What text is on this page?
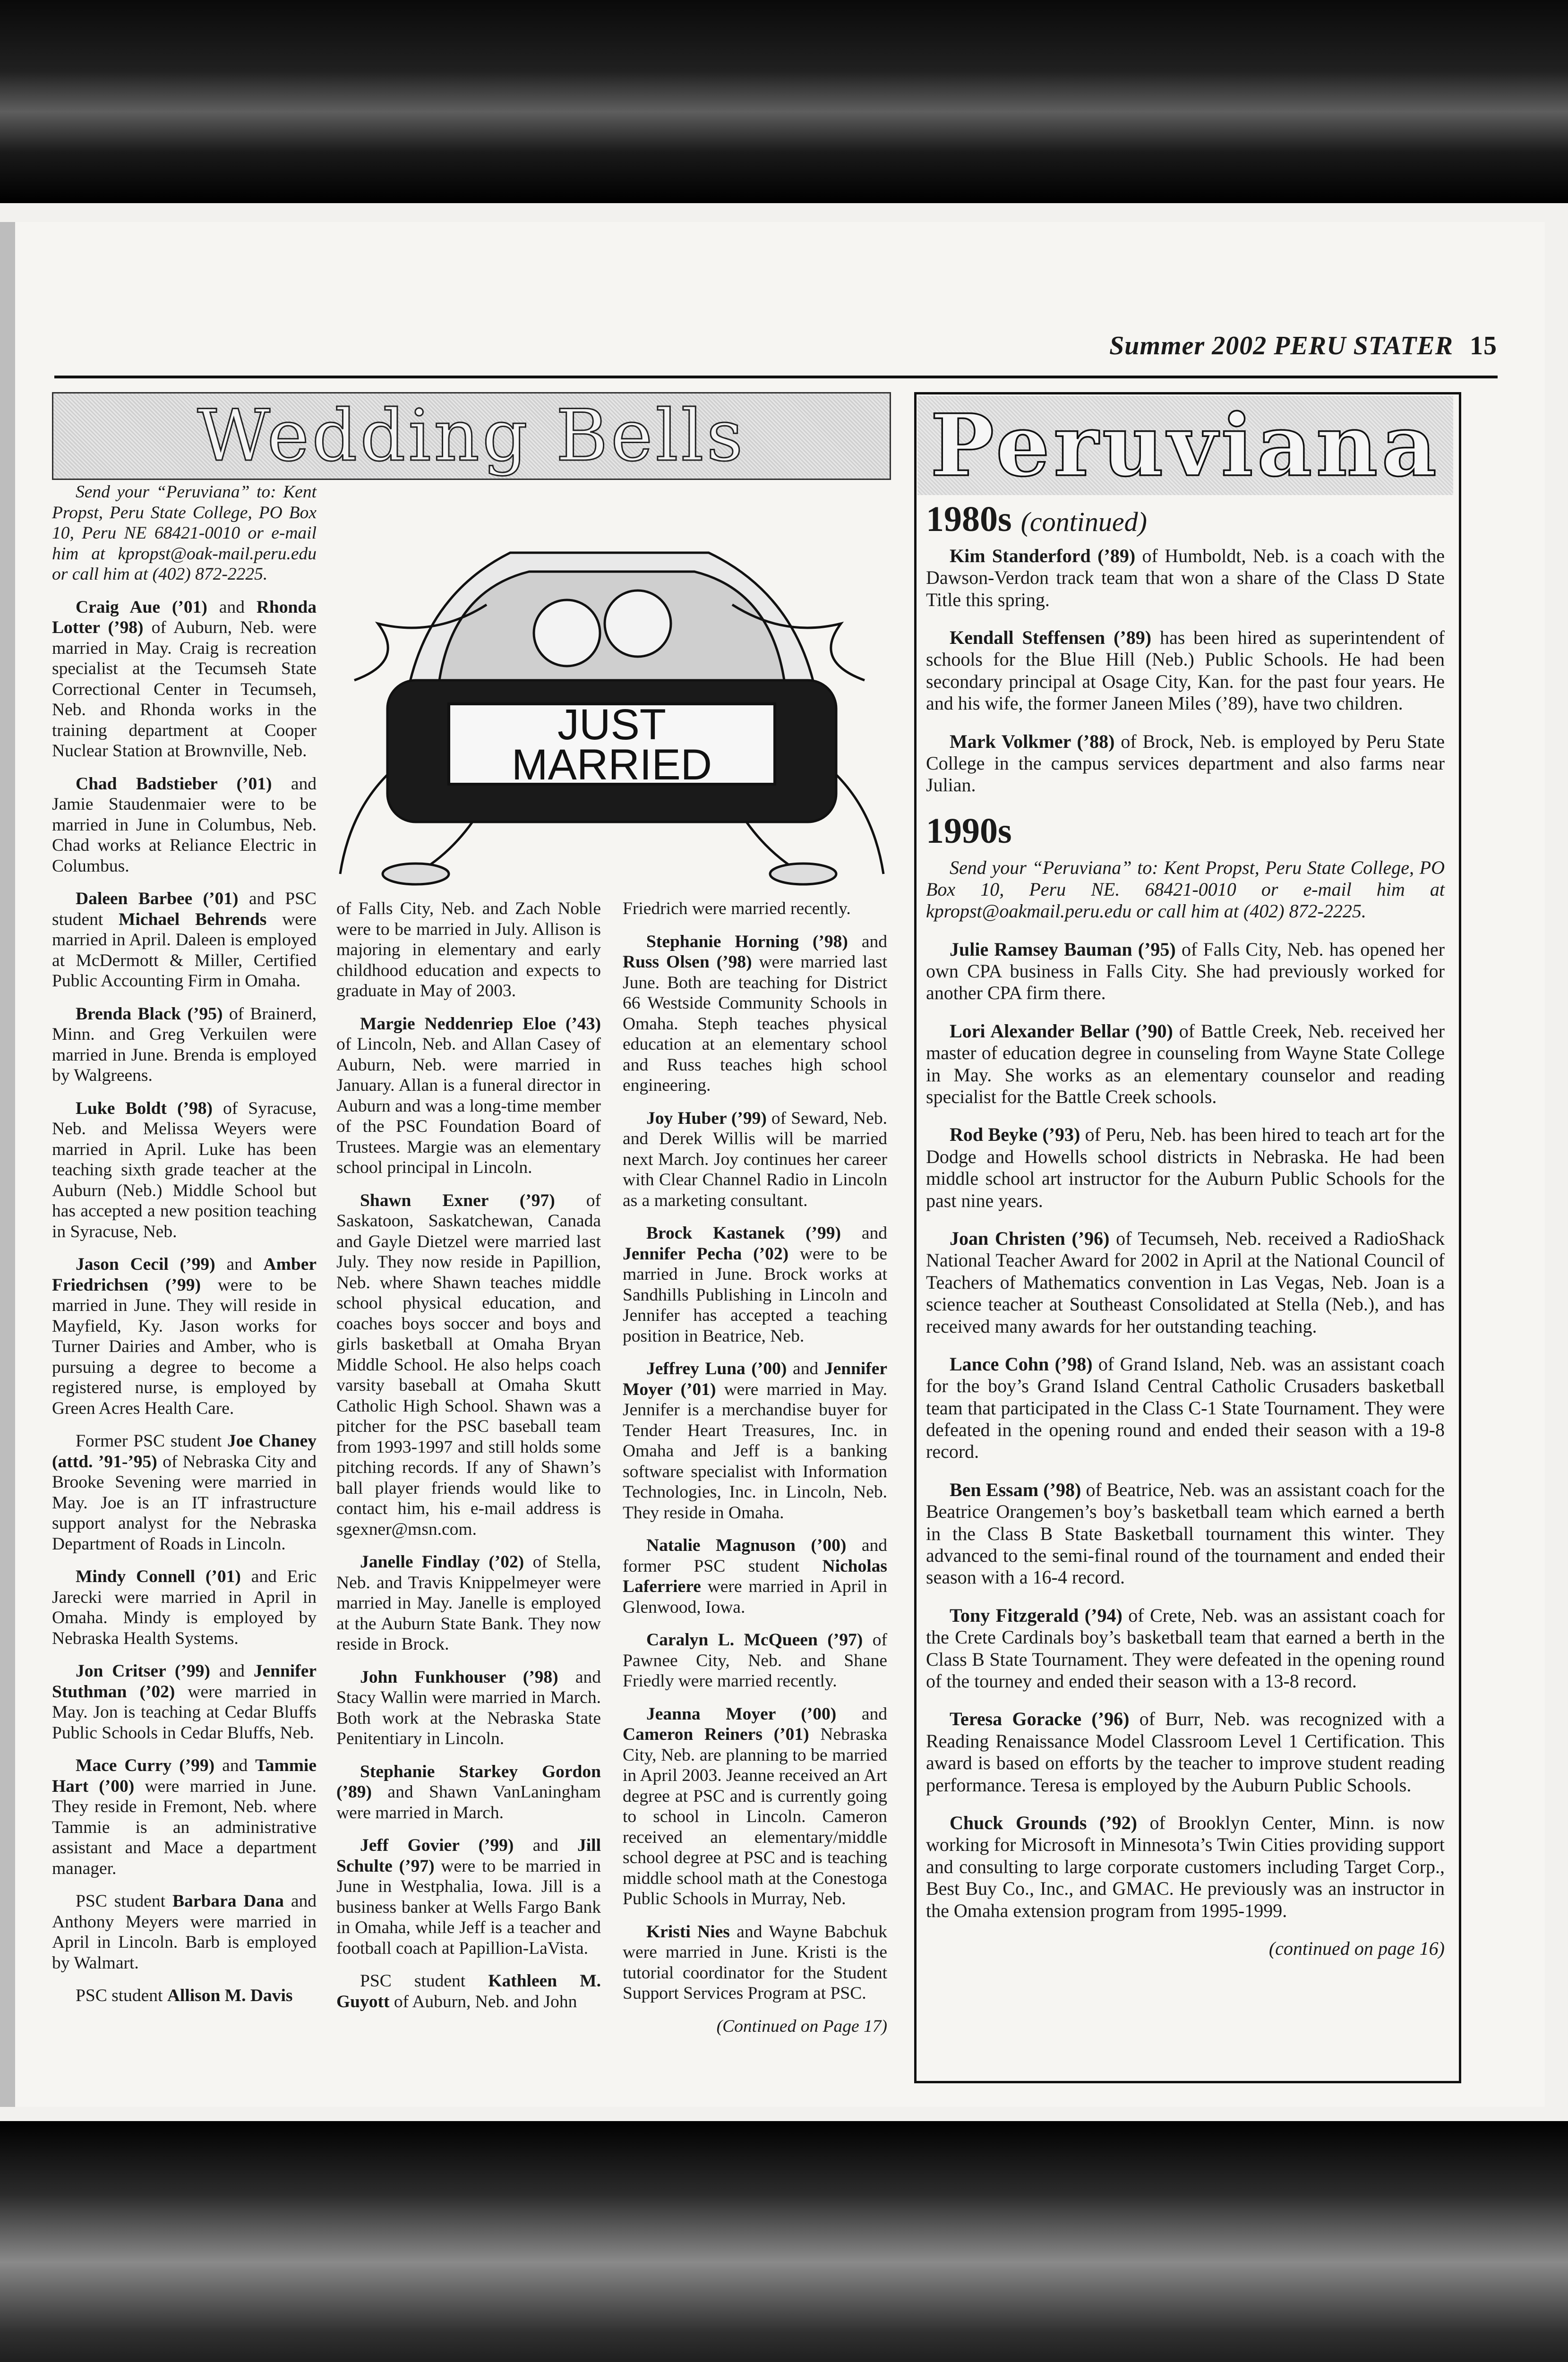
Summer 2002 PERU STATER 15
Wedding Bells

Send your “Peruviana” to: Kent Propst, Peru State College, PO Box 10, Peru NE 68421-0010 or e-mail him at kpropst@oak-mail.peru.edu or call him at (402) 872-2225.

Craig Aue (’01) and Rhonda Lotter (’98) of Auburn, Neb. were married in May. Craig is recreation specialist at the Tecumseh State Correctional Center in Tecumseh, Neb. and Rhonda works in the training department at Cooper Nuclear Station at Brownville, Neb.

Chad Badstieber (’01) and Jamie Staudenmaier were to be married in June in Columbus, Neb. Chad works at Reliance Electric in Columbus.

Daleen Barbee (’01) and PSC student Michael Behrends were married in April. Daleen is employed at McDermott & Miller, Certified Public Accounting Firm in Omaha.

Brenda Black (’95) of Brainerd, Minn. and Greg Verkuilen were married in June. Brenda is employed by Walgreens.

Luke Boldt (’98) of Syracuse, Neb. and Melissa Weyers were married in April. Luke has been teaching sixth grade teacher at the Auburn (Neb.) Middle School but has accepted a new position teaching in Syracuse, Neb.

Jason Cecil (’99) and Amber Friedrichsen (’99) were to be married in June. They will reside in Mayfield, Ky. Jason works for Turner Dairies and Amber, who is pursuing a degree to become a registered nurse, is employed by Green Acres Health Care.

Former PSC student Joe Chaney (attd. ’91-’95) of Nebraska City and Brooke Sevening were married in May. Joe is an IT infrastructure support analyst for the Nebraska Department of Roads in Lincoln.

Mindy Connell (’01) and Eric Jarecki were married in April in Omaha. Mindy is employed by Nebraska Health Systems.

Jon Critser (’99) and Jennifer Stuthman (’02) were married in May. Jon is teaching at Cedar Bluffs Public Schools in Cedar Bluffs, Neb.

Mace Curry (’99) and Tammie Hart (’00) were married in June. They reside in Fremont, Neb. where Tammie is an administrative assistant and Mace a department manager.

PSC student Barbara Dana and Anthony Meyers were married in April in Lincoln. Barb is employed by Walmart.

PSC student Allison M. Davis

JUST
MARRIED

of Falls City, Neb. and Zach Noble were to be married in July. Allison is majoring in elementary and early childhood education and expects to graduate in May of 2003.

Margie Neddenriep Eloe (’43) of Lincoln, Neb. and Allan Casey of Auburn, Neb. were married in January. Allan is a funeral director in Auburn and was a long-time member of the PSC Foundation Board of Trustees. Margie was an elementary school principal in Lincoln.

Shawn Exner (’97) of Saskatoon, Saskatchewan, Canada and Gayle Dietzel were married last July. They now reside in Papillion, Neb. where Shawn teaches middle school physical education, and coaches boys soccer and boys and girls basketball at Omaha Bryan Middle School. He also helps coach varsity baseball at Omaha Skutt Catholic High School. Shawn was a pitcher for the PSC baseball team from 1993-1997 and still holds some pitching records. If any of Shawn’s ball player friends would like to contact him, his e-mail address is sgexner@msn.com.

Janelle Findlay (’02) of Stella, Neb. and Travis Knippelmeyer were married in May. Janelle is employed at the Auburn State Bank. They now reside in Brock.

John Funkhouser (’98) and Stacy Wallin were married in March. Both work at the Nebraska State Penitentiary in Lincoln.

Stephanie Starkey Gordon (’89) and Shawn VanLaningham were married in March.

Jeff Govier (’99) and Jill Schulte (’97) were to be married in June in Westphalia, Iowa. Jill is a business banker at Wells Fargo Bank in Omaha, while Jeff is a teacher and football coach at Papillion-LaVista.

PSC student Kathleen M. Guyott of Auburn, Neb. and John

Friedrich were married recently.

Stephanie Horning (’98) and Russ Olsen (’98) were married last June. Both are teaching for District 66 Westside Community Schools in Omaha. Steph teaches physical education at an elementary school and Russ teaches high school engineering.

Joy Huber (’99) of Seward, Neb. and Derek Willis will be married next March. Joy continues her career with Clear Channel Radio in Lincoln as a marketing consultant.

Brock Kastanek (’99) and Jennifer Pecha (’02) were to be married in June. Brock works at Sandhills Publishing in Lincoln and Jennifer has accepted a teaching position in Beatrice, Neb.

Jeffrey Luna (’00) and Jennifer Moyer (’01) were married in May. Jennifer is a merchandise buyer for Tender Heart Treasures, Inc. in Omaha and Jeff is a banking software specialist with Information Technologies, Inc. in Lincoln, Neb. They reside in Omaha.

Natalie Magnuson (’00) and former PSC student Nicholas Laferriere were married in April in Glenwood, Iowa.

Caralyn L. McQueen (’97) of Pawnee City, Neb. and Shane Friedly were married recently.

Jeanna Moyer (’00) and Cameron Reiners (’01) Nebraska City, Neb. are planning to be married in April 2003. Jeanne received an Art degree at PSC and is currently going to school in Lincoln. Cameron received an elementary/middle school degree at PSC and is teaching middle school math at the Conestoga Public Schools in Murray, Neb.

Kristi Nies and Wayne Babchuk were married in June. Kristi is the tutorial coordinator for the Student Support Services Program at PSC.

(Continued on Page 17)

Peruviana
1980s (continued)

Kim Standerford (’89) of Humboldt, Neb. is a coach with the Dawson-Verdon track team that won a share of the Class D State Title this spring.

Kendall Steffensen (’89) has been hired as superintendent of schools for the Blue Hill (Neb.) Public Schools. He had been secondary principal at Osage City, Kan. for the past four years. He and his wife, the former Janeen Miles (’89), have two children.

Mark Volkmer (’88) of Brock, Neb. is employed by Peru State College in the campus services department and also farms near Julian.

1990s

Send your “Peruviana” to: Kent Propst, Peru State College, PO Box 10, Peru NE. 68421-0010 or e-mail him at kpropst@oakmail.peru.edu or call him at (402) 872-2225.

Julie Ramsey Bauman (’95) of Falls City, Neb. has opened her own CPA business in Falls City. She had previously worked for another CPA firm there.

Lori Alexander Bellar (’90) of Battle Creek, Neb. received her master of education degree in counseling from Wayne State College in May. She works as an elementary counselor and reading specialist for the Battle Creek schools.

Rod Beyke (’93) of Peru, Neb. has been hired to teach art for the Dodge and Howells school districts in Nebraska. He had been middle school art instructor for the Auburn Public Schools for the past nine years.

Joan Christen (’96) of Tecumseh, Neb. received a RadioShack National Teacher Award for 2002 in April at the National Council of Teachers of Mathematics convention in Las Vegas, Neb. Joan is a science teacher at Southeast Consolidated at Stella (Neb.), and has received many awards for her outstanding teaching.

Lance Cohn (’98) of Grand Island, Neb. was an assistant coach for the boy’s Grand Island Central Catholic Crusaders basketball team that participated in the Class C-1 State Tournament. They were defeated in the opening round and ended their season with a 19-8 record.

Ben Essam (’98) of Beatrice, Neb. was an assistant coach for the Beatrice Orangemen’s boy’s basketball team which earned a berth in the Class B State Basketball tournament this winter. They advanced to the semi-final round of the tournament and ended their season with a 16-4 record.

Tony Fitzgerald (’94) of Crete, Neb. was an assistant coach for the Crete Cardinals boy’s basketball team that earned a berth in the Class B State Tournament. They were defeated in the opening round of the tourney and ended their season with a 13-8 record.

Teresa Goracke (’96) of Burr, Neb. was recognized with a Reading Renaissance Model Classroom Level 1 Certification. This award is based on efforts by the teacher to improve student reading performance. Teresa is employed by the Auburn Public Schools.

Chuck Grounds (’92) of Brooklyn Center, Minn. is now working for Microsoft in Minnesota’s Twin Cities providing support and consulting to large corporate customers including Target Corp., Best Buy Co., Inc., and GMAC. He previously was an instructor in the Omaha extension program from 1995-1999.

(continued on page 16)
